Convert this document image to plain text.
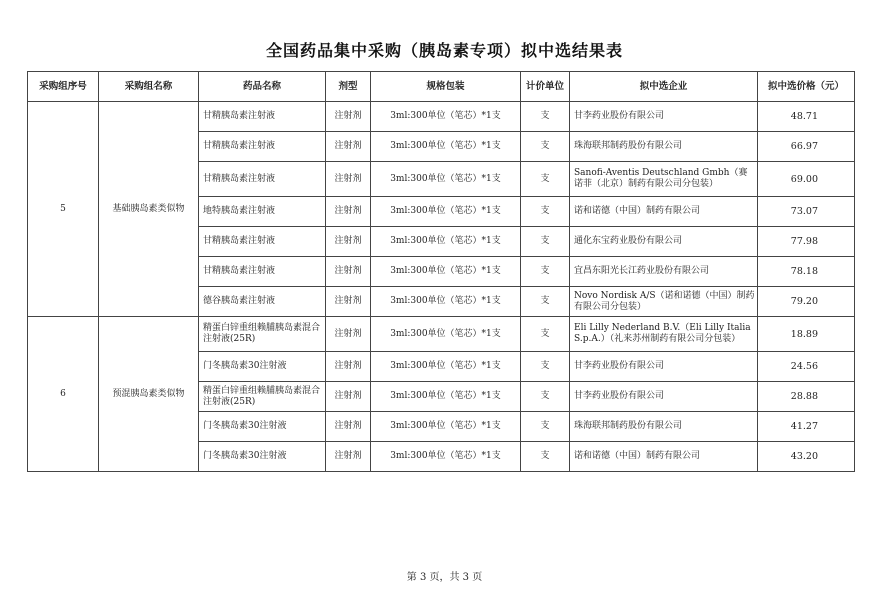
全国药品集中采购（胰岛素专项）拟中选结果表
采购组序号	采购组名称	药品名称	剂型	规格包装	计价单位	拟中选企业	拟中选价格（元）
5	基础胰岛素类似物	甘精胰岛素注射液	注射剂	3ml:300单位（笔芯）*1支	支	甘李药业股份有限公司	48.71
		甘精胰岛素注射液	注射剂	3ml:300单位（笔芯）*1支	支	珠海联邦制药股份有限公司	66.97
		甘精胰岛素注射液	注射剂	3ml:300单位（笔芯）*1支	支	Sanofi-Aventis Deutschland Gmbh（赛诺菲（北京）制药有限公司分包装）	69.00
		地特胰岛素注射液	注射剂	3ml:300单位（笔芯）*1支	支	诺和诺德（中国）制药有限公司	73.07
		甘精胰岛素注射液	注射剂	3ml:300单位（笔芯）*1支	支	通化东宝药业股份有限公司	77.98
		甘精胰岛素注射液	注射剂	3ml:300单位（笔芯）*1支	支	宜昌东阳光长江药业股份有限公司	78.18
		德谷胰岛素注射液	注射剂	3ml:300单位（笔芯）*1支	支	Novo Nordisk A/S（诺和诺德（中国）制药有限公司分包装）	79.20
6	预混胰岛素类似物	精蛋白锌重组赖脯胰岛素混合注射液(25R)	注射剂	3ml:300单位（笔芯）*1支	支	Eli Lilly Nederland B.V.（Eli Lilly Italia S.p.A.）（礼来苏州制药有限公司分包装）	18.89
		门冬胰岛素30注射液	注射剂	3ml:300单位（笔芯）*1支	支	甘李药业股份有限公司	24.56
		精蛋白锌重组赖脯胰岛素混合注射液(25R)	注射剂	3ml:300单位（笔芯）*1支	支	甘李药业股份有限公司	28.88
		门冬胰岛素30注射液	注射剂	3ml:300单位（笔芯）*1支	支	珠海联邦制药股份有限公司	41.27
		门冬胰岛素30注射液	注射剂	3ml:300单位（笔芯）*1支	支	诺和诺德（中国）制药有限公司	43.20
第 3 页，共 3 页
